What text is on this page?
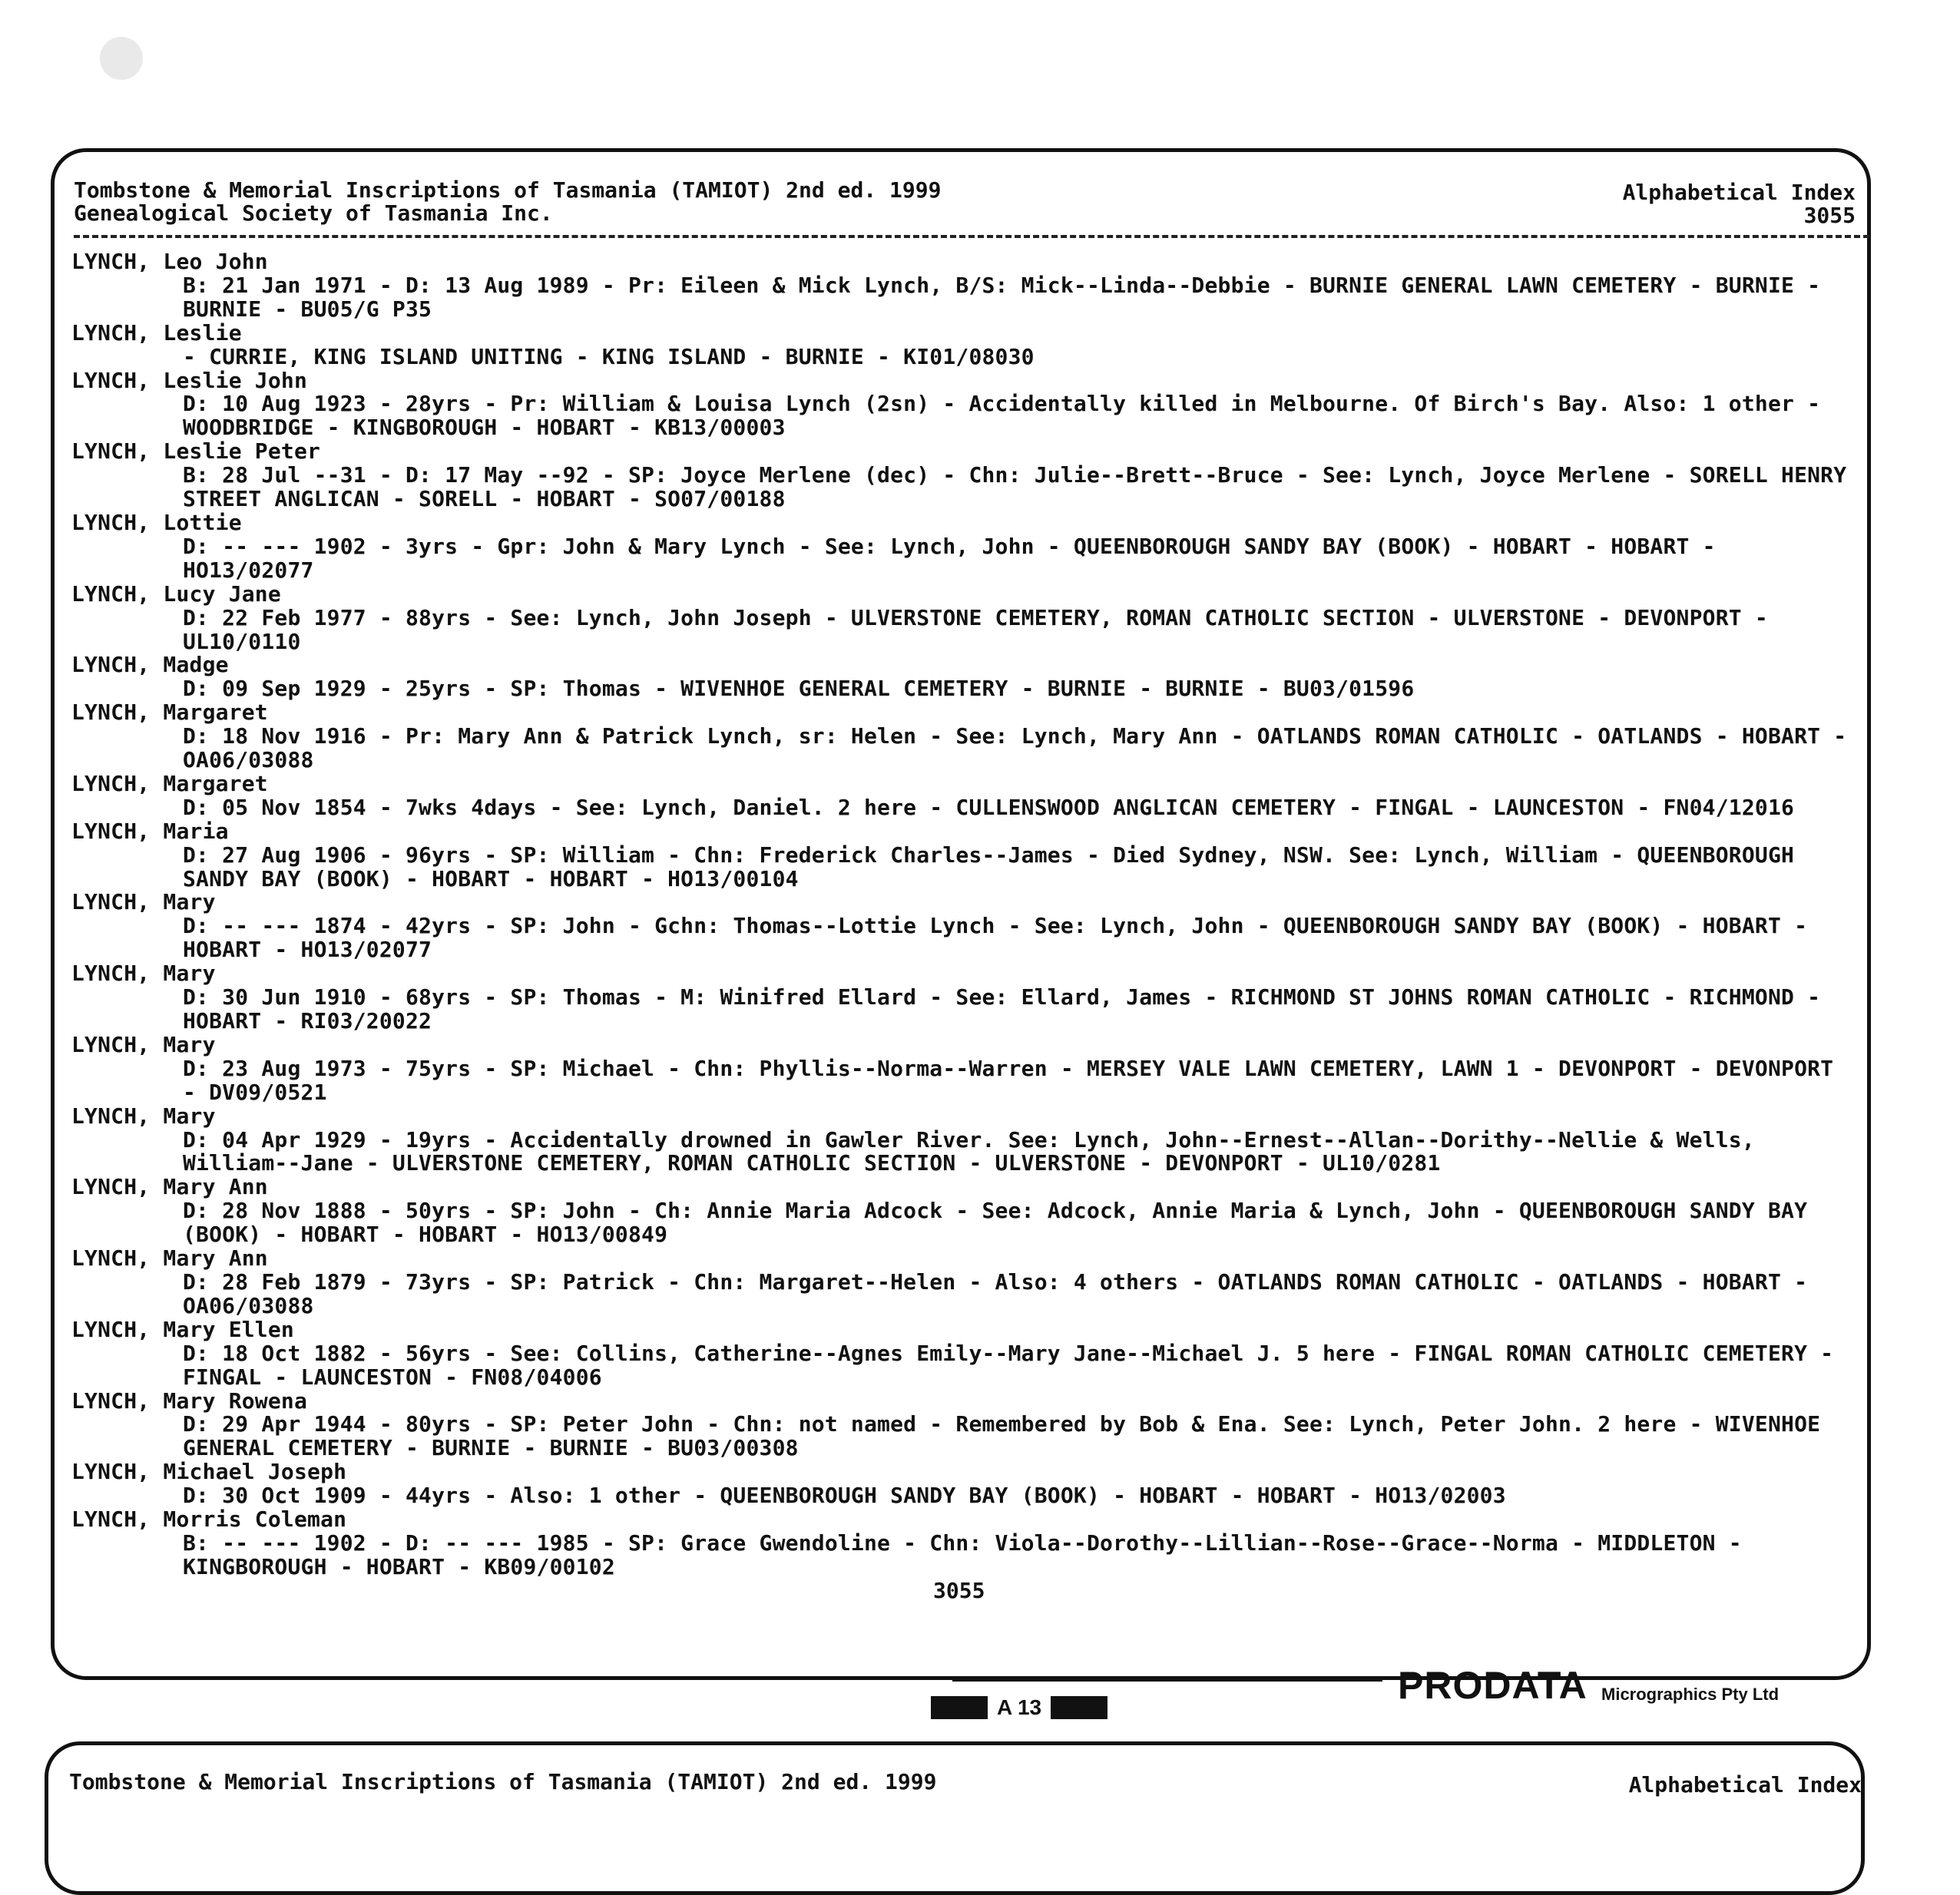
Tombstone & Memorial Inscriptions of Tasmania (TAMIOT) 2nd ed. 1999
Genealogical Society of Tasmania Inc.
Alphabetical Index
3055
LYNCH, Leo John
B: 21 Jan 1971 - D: 13 Aug 1989 - Pr: Eileen & Mick Lynch, B/S: Mick--Linda--Debbie - BURNIE GENERAL LAWN CEMETERY - BURNIE - BURNIE - BU05/G P35
LYNCH, Leslie
- CURRIE, KING ISLAND UNITING - KING ISLAND - BURNIE - KI01/08030
LYNCH, Leslie John
D: 10 Aug 1923 - 28yrs - Pr: William & Louisa Lynch (2sn) - Accidentally killed in Melbourne. Of Birch's Bay. Also: 1 other - WOODBRIDGE - KINGBOROUGH - HOBART - KB13/00003
LYNCH, Leslie Peter
B: 28 Jul --31 - D: 17 May --92 - SP: Joyce Merlene (dec) - Chn: Julie--Brett--Bruce - See: Lynch, Joyce Merlene - SORELL HENRY STREET ANGLICAN - SORELL - HOBART - SO07/00188
LYNCH, Lottie
D: -- --- 1902 - 3yrs - Gpr: John & Mary Lynch - See: Lynch, John - QUEENBOROUGH SANDY BAY (BOOK) - HOBART - HOBART - HO13/02077
LYNCH, Lucy Jane
D: 22 Feb 1977 - 88yrs - See: Lynch, John Joseph - ULVERSTONE CEMETERY, ROMAN CATHOLIC SECTION - ULVERSTONE - DEVONPORT - UL10/0110
LYNCH, Madge
D: 09 Sep 1929 - 25yrs - SP: Thomas - WIVENHOE GENERAL CEMETERY - BURNIE - BURNIE - BU03/01596
LYNCH, Margaret
D: 18 Nov 1916 - Pr: Mary Ann & Patrick Lynch, sr: Helen - See: Lynch, Mary Ann - OATLANDS ROMAN CATHOLIC - OATLANDS - HOBART - OA06/03088
LYNCH, Margaret
D: 05 Nov 1854 - 7wks 4days - See: Lynch, Daniel. 2 here - CULLENSWOOD ANGLICAN CEMETERY - FINGAL - LAUNCESTON - FN04/12016
LYNCH, Maria
D: 27 Aug 1906 - 96yrs - SP: William - Chn: Frederick Charles--James - Died Sydney, NSW. See: Lynch, William - QUEENBOROUGH SANDY BAY (BOOK) - HOBART - HOBART - HO13/00104
LYNCH, Mary
D: -- --- 1874 - 42yrs - SP: John - Gchn: Thomas--Lottie Lynch - See: Lynch, John - QUEENBOROUGH SANDY BAY (BOOK) - HOBART - HOBART - HO13/02077
LYNCH, Mary
D: 30 Jun 1910 - 68yrs - SP: Thomas - M: Winifred Ellard - See: Ellard, James - RICHMOND ST JOHNS ROMAN CATHOLIC - RICHMOND - HOBART - RI03/20022
LYNCH, Mary
D: 23 Aug 1973 - 75yrs - SP: Michael - Chn: Phyllis--Norma--Warren - MERSEY VALE LAWN CEMETERY, LAWN 1 - DEVONPORT - DEVONPORT - DV09/0521
LYNCH, Mary
D: 04 Apr 1929 - 19yrs - Accidentally drowned in Gawler River. See: Lynch, John--Ernest--Allan--Dorithy--Nellie & Wells, William--Jane - ULVERSTONE CEMETERY, ROMAN CATHOLIC SECTION - ULVERSTONE - DEVONPORT - UL10/0281
LYNCH, Mary Ann
D: 28 Nov 1888 - 50yrs - SP: John - Ch: Annie Maria Adcock - See: Adcock, Annie Maria & Lynch, John - QUEENBOROUGH SANDY BAY (BOOK) - HOBART - HOBART - HO13/00849
LYNCH, Mary Ann
D: 28 Feb 1879 - 73yrs - SP: Patrick - Chn: Margaret--Helen - Also: 4 others - OATLANDS ROMAN CATHOLIC - OATLANDS - HOBART - OA06/03088
LYNCH, Mary Ellen
D: 18 Oct 1882 - 56yrs - See: Collins, Catherine--Agnes Emily--Mary Jane--Michael J. 5 here - FINGAL ROMAN CATHOLIC CEMETERY - FINGAL - LAUNCESTON - FN08/04006
LYNCH, Mary Rowena
D: 29 Apr 1944 - 80yrs - SP: Peter John - Chn: not named - Remembered by Bob & Ena. See: Lynch, Peter John. 2 here - WIVENHOE GENERAL CEMETERY - BURNIE - BURNIE - BU03/00308
LYNCH, Michael Joseph
D: 30 Oct 1909 - 44yrs - Also: 1 other - QUEENBOROUGH SANDY BAY (BOOK) - HOBART - HOBART - HO13/02003
LYNCH, Morris Coleman
B: -- --- 1902 - D: -- --- 1985 - SP: Grace Gwendoline - Chn: Viola--Dorothy--Lillian--Rose--Grace--Norma - MIDDLETON - KINGBOROUGH - HOBART - KB09/00102
3055
PRODATA Micrographics Pty Ltd
A 13
Tombstone & Memorial Inscriptions of Tasmania (TAMIOT) 2nd ed. 1999	Alphabetical Index
